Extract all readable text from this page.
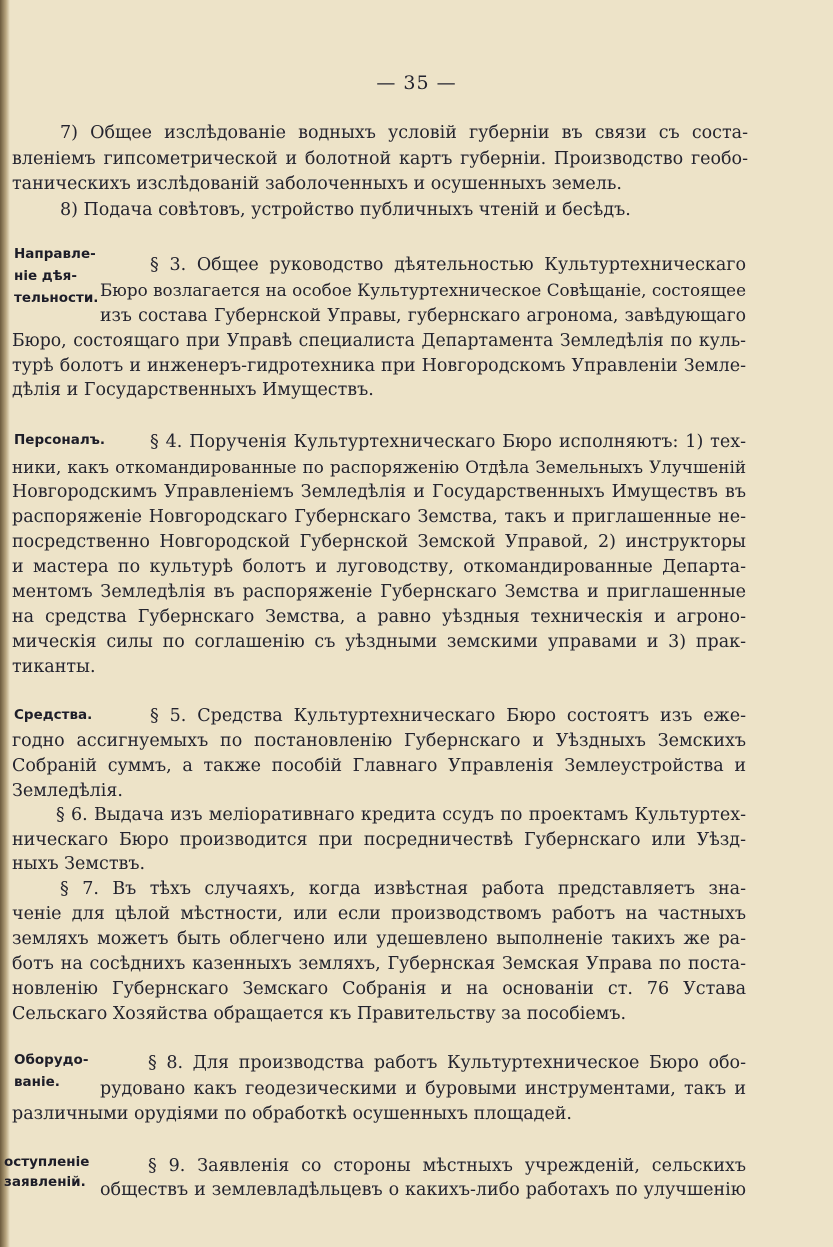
— 35 —
7) Общее изслѣдованіе водныхъ условій губерніи въ связи съ соста-
вленіемъ гипсометрической и болотной картъ губерніи. Производство геобо-
таническихъ изслѣдованій заболоченныхъ и осушенныхъ земель.
8) Подача совѣтовъ, устройство публичныхъ чтеній и бесѣдъ.
Направле-
ніе дѣя-
тельности.
§ 3. Общее руководство дѣятельностью Культуртехническаго
Бюро возлагается на особое Культуртехническое Совѣщаніе, состоящее
изъ состава Губернской Управы, губернскаго агронома, завѣдующаго
Бюро, состоящаго при Управѣ специалиста Департамента Земледѣлія по куль-
турѣ болотъ и инженеръ-гидротехника при Новгородскомъ Управленіи Земле-
дѣлія и Государственныхъ Имуществъ.
Персоналъ.	§ 4. Порученія Культуртехническаго Бюро исполняютъ: 1) тех-
ники, какъ откомандированные по распоряженію Отдѣла Земельныхъ Улучшеній
Новгородскимъ Управленіемъ Земледѣлія и Государственныхъ Имуществъ въ
распоряженіе Новгородскаго Губернскаго Земства, такъ и приглашенные не-
посредственно Новгородской Губернской Земской Управой, 2) инструкторы
и мастера по культурѣ болотъ и луговодству, откомандированные Департа-
ментомъ Земледѣлія въ распоряженіе Губернскаго Земства и приглашенные
на средства Губернскаго Земства, а равно уѣздныя техническія и агроно-
мическія силы по соглашенію съ уѣздными земскими управами и 3) прак-
тиканты.
Средства.	§ 5. Средства Культуртехническаго Бюро состоятъ изъ еже-
годно ассигнуемыхъ по постановленію Губернскаго и Уѣздныхъ Земскихъ
Собраній суммъ, а также пособій Главнаго Управленія Землеустройства и
Земледѣлія.
§ 6. Выдача изъ меліоративнаго кредита ссудъ по проектамъ Культуртех-
ническаго Бюро производится при посредничествѣ Губернскаго или Уѣзд-
ныхъ Земствъ.
§ 7. Въ тѣхъ случаяхъ, когда извѣстная работа представляетъ зна-
ченіе для цѣлой мѣстности, или если производствомъ работъ на частныхъ
земляхъ можетъ быть облегчено или удешевлено выполненіе такихъ же ра-
ботъ на сосѣднихъ казенныхъ земляхъ, Губернская Земская Управа по поста-
новленію Губернскаго Земскаго Собранія и на основаніи ст. 76 Устава
Сельскаго Хозяйства обращается къ Правительству за пособіемъ.
Оборудо-
ваніе.
§ 8. Для производства работъ Культуртехническое Бюро обо-
рудовано какъ геодезическими и буровыми инструментами, такъ и
различными орудіями по обработкѣ осушенныхъ площадей.
оступленіе
заявленій.
§ 9. Заявленія со стороны мѣстныхъ учрежденій, сельскихъ
обществъ и землевладѣльцевъ о какихъ-либо работахъ по улучшенію
